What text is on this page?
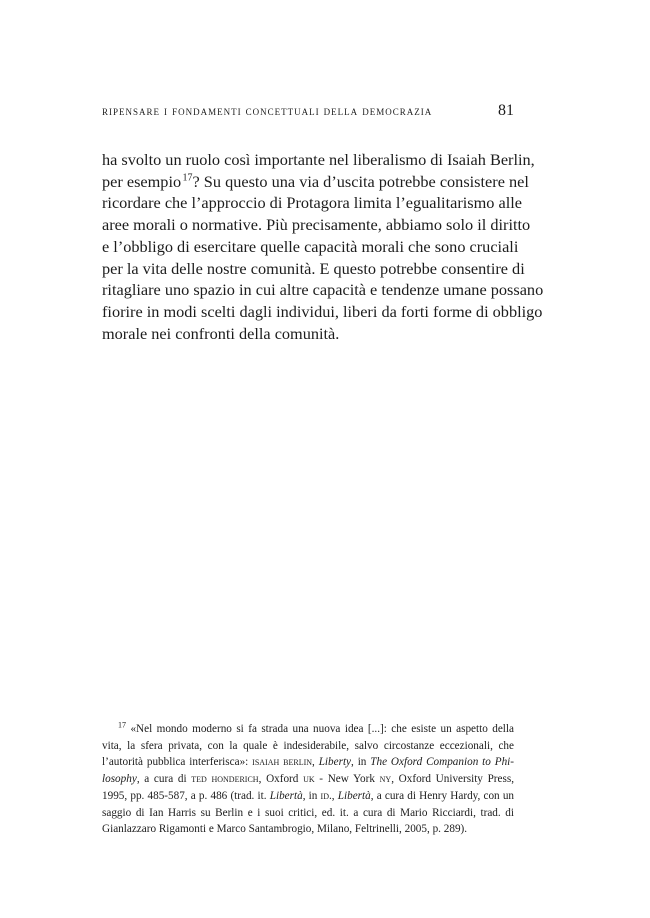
ripensare i fondamenti concettuali della democrazia	81
ha svolto un ruolo così importante nel liberalismo di Isaiah Berlin,
per esempio $^{17}$? Su questo una via d’uscita potrebbe consistere nel
ricordare che l’approccio di Protagora limita l’egualitarismo alle
aree morali o normative. Più precisamente, abbiamo solo il diritto
e l’obbligo di esercitare quelle capacità morali che sono cruciali
per la vita delle nostre comunità. E questo potrebbe consentire di
ritagliare uno spazio in cui altre capacità e tendenze umane possano
fiorire in modi scelti dagli individui, liberi da forti forme di obbligo
morale nei confronti della comunità.
$^{17}$ «Nel mondo moderno si fa strada una nuova idea [...]: che esiste un aspetto della
vita, la sfera privata, con la quale è indesiderabile, salvo circostanze eccezionali, che
l’autorità pubblica interferisca»: isaiah berlin, Liberty, in The Oxford Companion to Phi-
losophy, a cura di ted honderich, Oxford uk - New York ny, Oxford University Press,
1995, pp. 485-587, a p. 486 (trad. it. Libertà, in id., Libertà, a cura di Henry Hardy, con un
saggio di Ian Harris su Berlin e i suoi critici, ed. it. a cura di Mario Ricciardi, trad. di
Gianlazzaro Rigamonti e Marco Santambrogio, Milano, Feltrinelli, 2005, p. 289).
